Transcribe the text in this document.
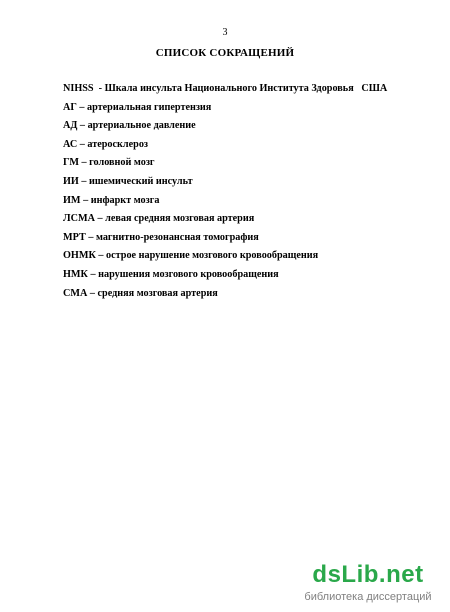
3
СПИСОК СОКРАЩЕНИЙ
NIHSS  - Шкала инсульта Национального Института Здоровья   США
АГ – артериальная гипертензия
АД – артериальное давление
АС – атеросклероз
ГМ – головной мозг
ИИ – ишемический инсульт
ИМ – инфаркт мозга
ЛСМА – левая средняя мозговая артерия
МРТ – магнитно-резонансная томография
ОНМК – острое нарушение мозгового кровообращения
НМК – нарушения мозгового кровообращения
СМА – средняя мозговая артерия
dsLib.net
библиотека диссертаций
